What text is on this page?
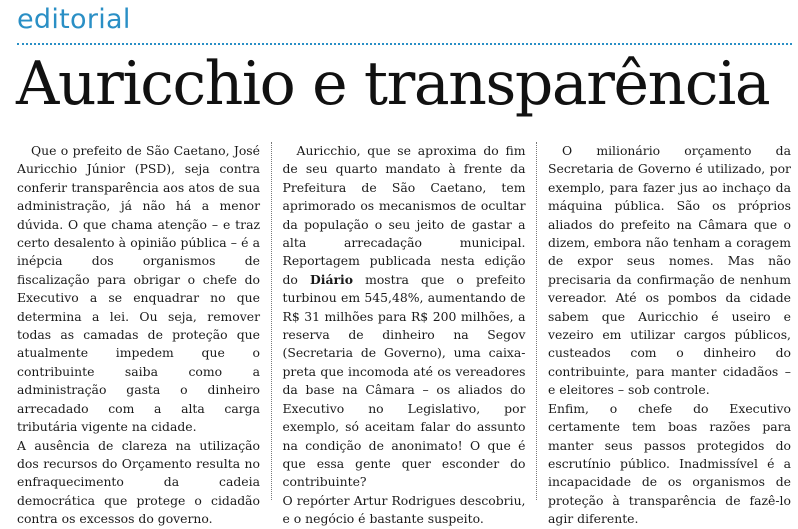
editorial
Auricchio e transparência

Que o prefeito de São Caetano, José Auricchio Júnior (PSD), seja contra conferir transparência aos atos de sua administração, já não há a menor dúvida. O que chama atenção – e traz certo desalento à opinião pública – é a inépcia dos organismos de fiscalização para obrigar o chefe do Executivo a se enquadrar no que determina a lei. Ou seja, remover todas as camadas de proteção que atualmente impedem que o contribuinte saiba como a administração gasta o dinheiro arrecadado com a alta carga tributária vigente na cidade.

A ausência de clareza na utilização dos recursos do Orçamento resulta no enfraquecimento da cadeia democrática que protege o cidadão contra os excessos do governo.

Auricchio, que se aproxima do fim de seu quarto mandato à frente da Prefeitura de São Caetano, tem aprimorado os mecanismos de ocultar da população o seu jeito de gastar a alta arrecadação municipal. Reportagem publicada nesta edição do Diário mostra que o prefeito turbinou em 545,48%, aumentando de R$ 31 milhões para R$ 200 milhões, a reserva de dinheiro na Segov (Secretaria de Governo), uma caixa-preta que incomoda até os vereadores da base na Câmara – os aliados do Executivo no Legislativo, por exemplo, só aceitam falar do assunto na condição de anonimato! O que é que essa gente quer esconder do contribuinte?

O repórter Artur Rodrigues descobriu, e o negócio é bastante suspeito.

O milionário orçamento da Secretaria de Governo é utilizado, por exemplo, para fazer jus ao inchaço da máquina pública. São os próprios aliados do prefeito na Câmara que o dizem, embora não tenham a coragem de expor seus nomes. Mas não precisaria da confirmação de nenhum vereador. Até os pombos da cidade sabem que Auricchio é useiro e vezeiro em utilizar cargos públicos, custeados com o dinheiro do contribuinte, para manter cidadãos – e eleitores – sob controle.

Enfim, o chefe do Executivo certamente tem boas razões para manter seus passos protegidos do escrutínio público. Inadmissível é a incapacidade de os organismos de proteção à transparência de fazê-lo agir diferente.
